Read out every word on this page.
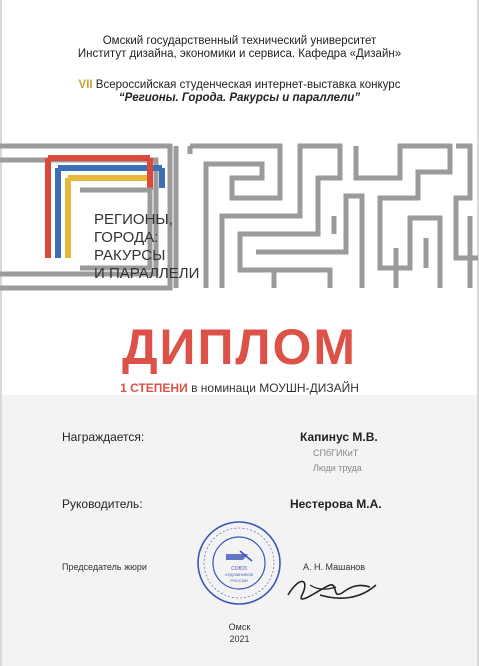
Омский государственный технический университет
Институт дизайна, экономики и сервиса. Кафедра «Дизайн»
VII Всероссийская студенческая интернет-выставка конкурс
“Регионы. Города. Ракурсы и параллели”
РЕГИОНЫ,
ГОРОДА:
РАКУРСЫ
И ПАРАЛЛЕЛИ
ДИПЛОМ
1 СТЕПЕНИ в номинаци МОУШН-ДИЗАЙН
Награждается:	Капинус М.В.
СПбГИКиТ
Люди труда
Руководитель:	Нестерова М.А.
Председатель жюри	А. Н. Машанов
СОЮЗ
ХУДОЖНИКОВ
РОССИИ
Омск
2021
